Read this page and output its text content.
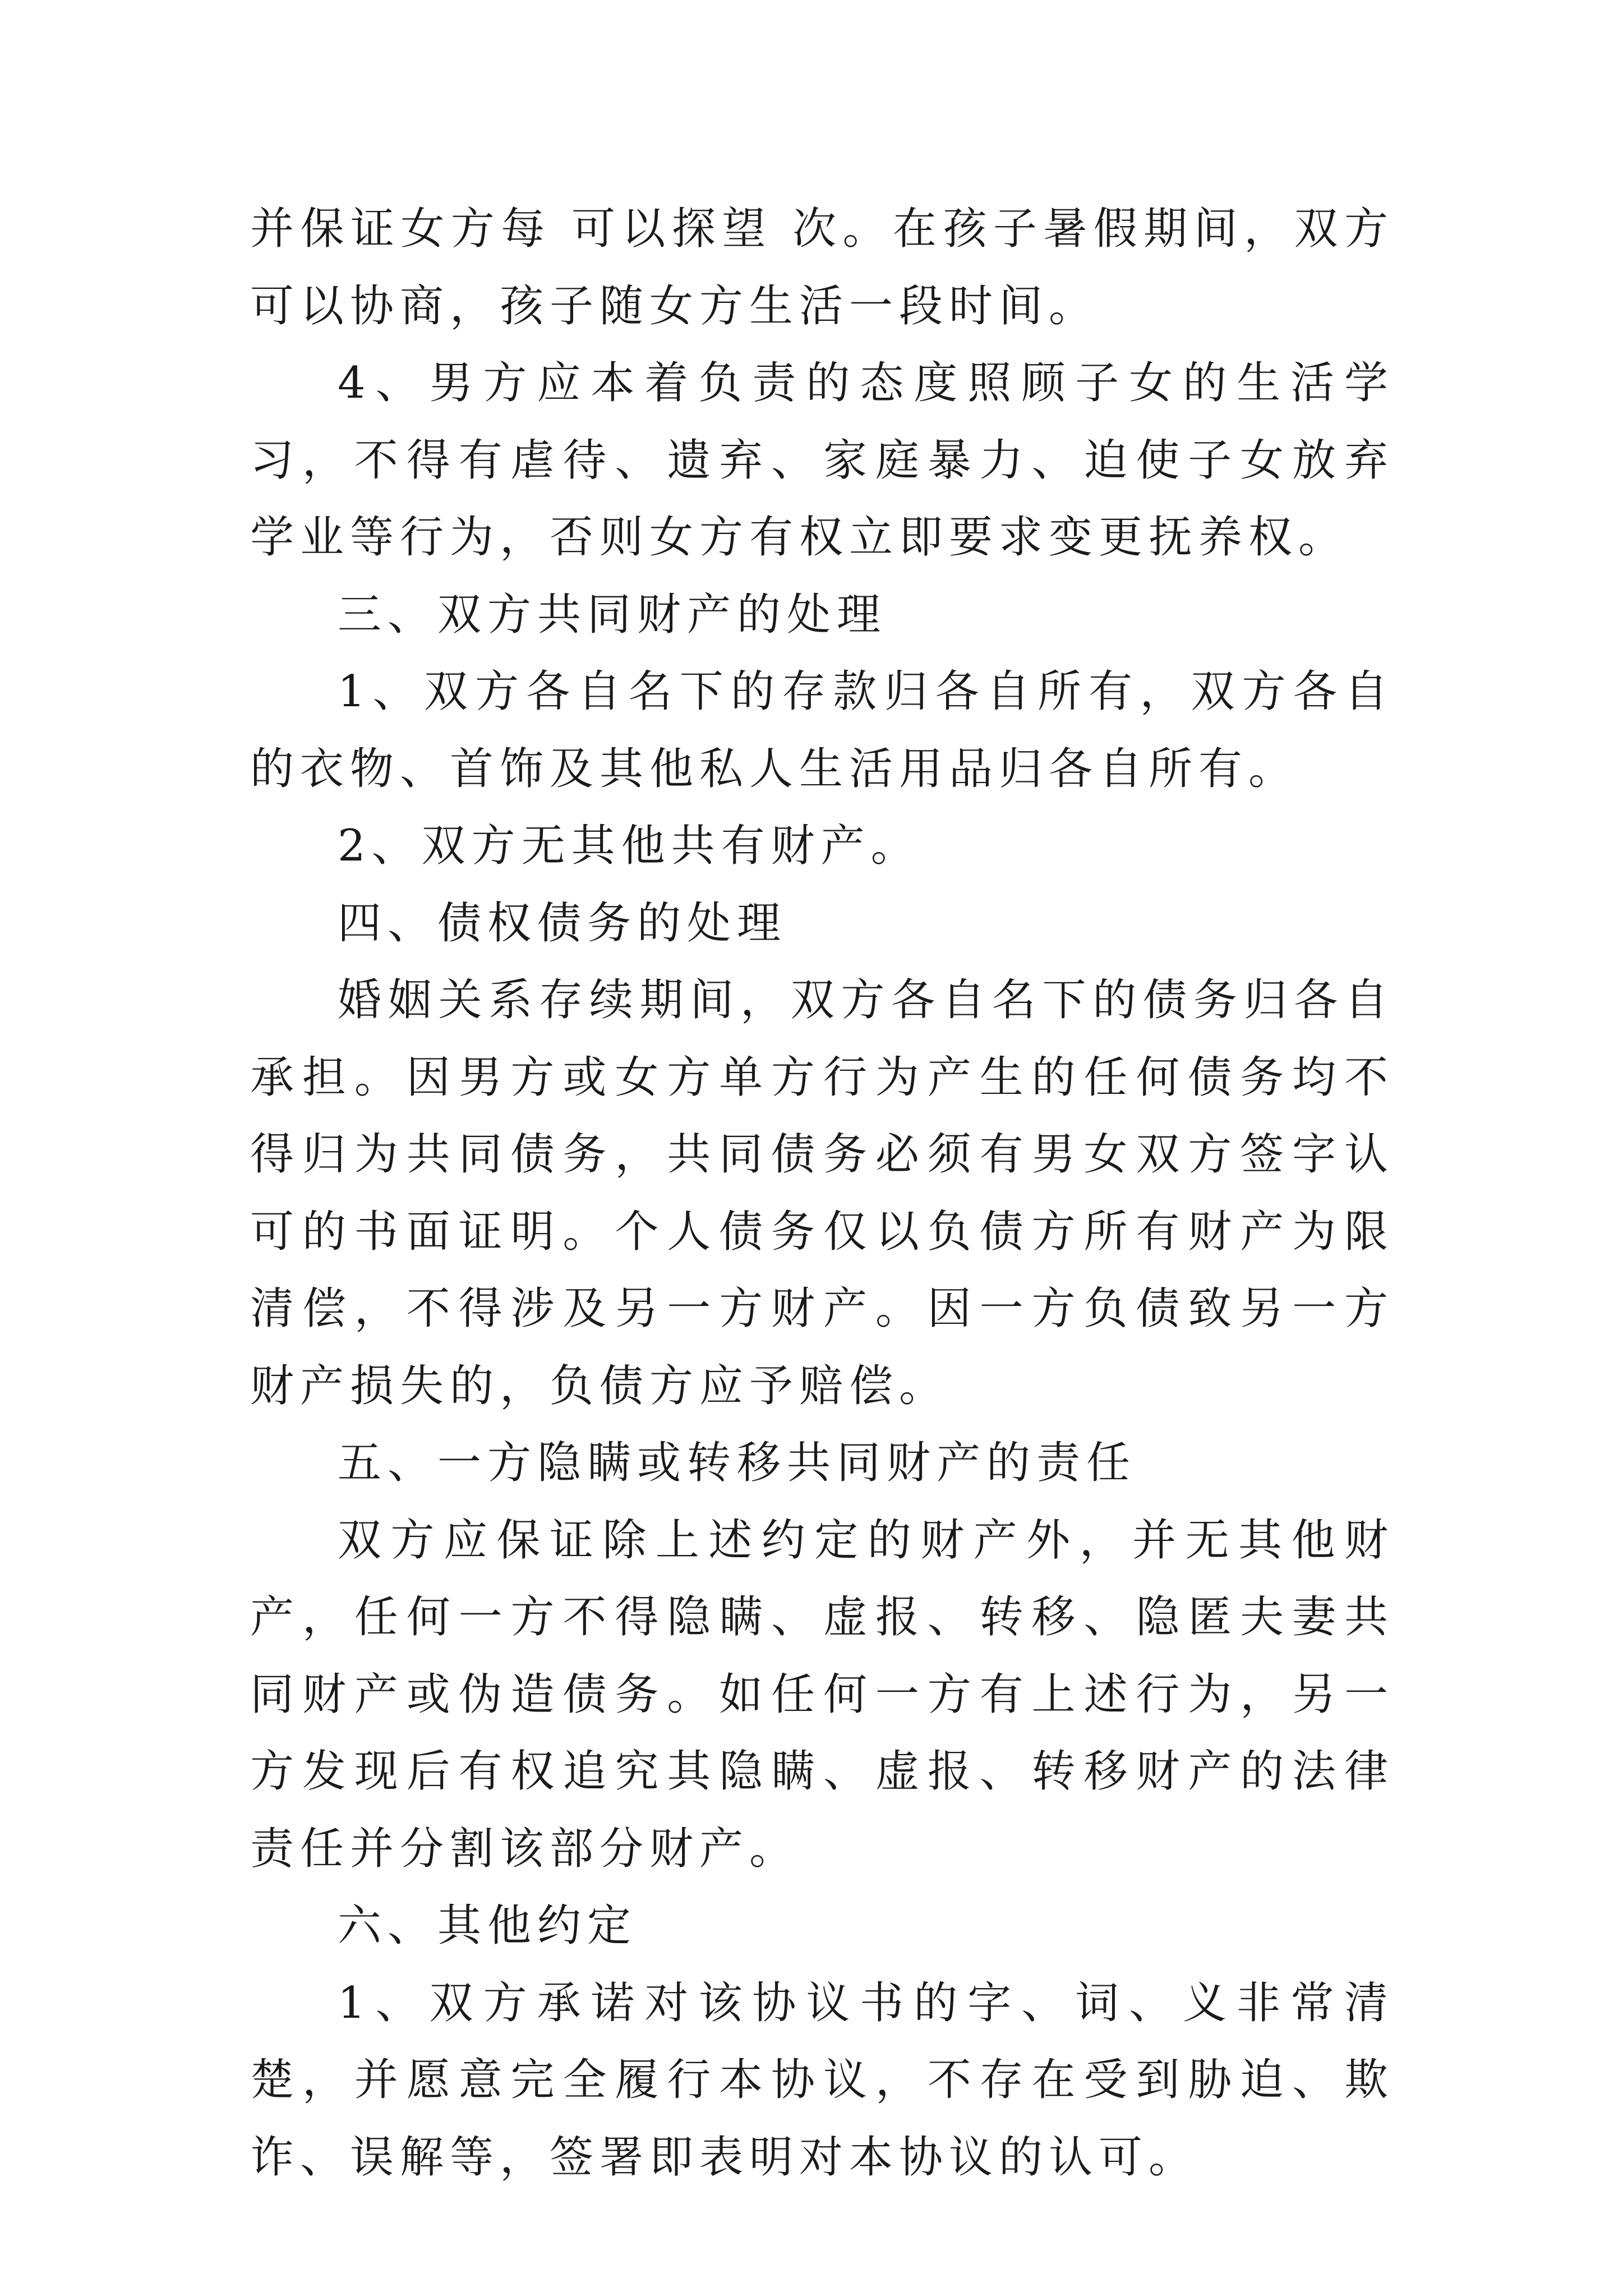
并保证女方每 可以探望 次。在孩子暑假期间，双方可以协商，孩子随女方生活一段时间。

4、男方应本着负责的态度照顾子女的生活学习，不得有虐待、遗弃、家庭暴力、迫使子女放弃学业等行为，否则女方有权立即要求变更抚养权。

三、双方共同财产的处理

1、双方各自名下的存款归各自所有，双方各自的衣物、首饰及其他私人生活用品归各自所有。

2、双方无其他共有财产。

四、债权债务的处理

婚姻关系存续期间，双方各自名下的债务归各自承担。因男方或女方单方行为产生的任何债务均不得归为共同债务，共同债务必须有男女双方签字认可的书面证明。个人债务仅以负债方所有财产为限清偿，不得涉及另一方财产。因一方负债致另一方财产损失的，负债方应予赔偿。

五、一方隐瞒或转移共同财产的责任

双方应保证除上述约定的财产外，并无其他财产，任何一方不得隐瞒、虚报、转移、隐匿夫妻共同财产或伪造债务。如任何一方有上述行为，另一方发现后有权追究其隐瞒、虚报、转移财产的法律责任并分割该部分财产。

六、其他约定

1、双方承诺对该协议书的字、词、义非常清楚，并愿意完全履行本协议，不存在受到胁迫、欺诈、误解等，签署即表明对本协议的认可。
